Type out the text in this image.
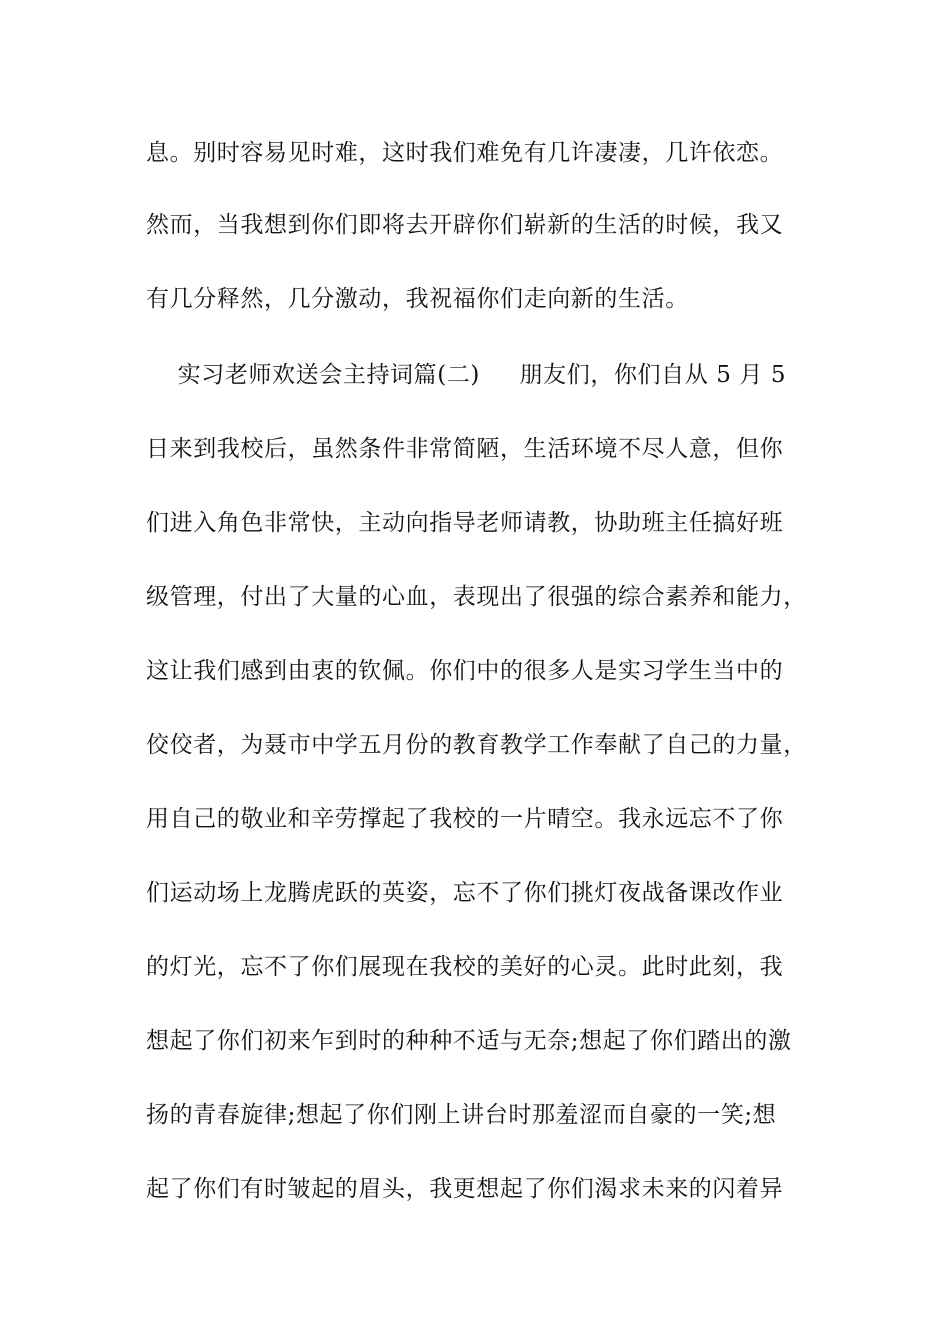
息。别时容易见时难，这时我们难免有几许凄凄，几许依恋。
然而，当我想到你们即将去开辟你们崭新的生活的时候，我又
有几分释然，几分激动，我祝福你们走向新的生活。
实习老师欢送会主持词篇(二)     朋友们，你们自从 5 月 5
日来到我校后，虽然条件非常简陋，生活环境不尽人意，但你
们进入角色非常快，主动向指导老师请教，协助班主任搞好班
级管理，付出了大量的心血，表现出了很强的综合素养和能力，
这让我们感到由衷的钦佩。你们中的很多人是实习学生当中的
佼佼者，为聂市中学五月份的教育教学工作奉献了自己的力量，
用自己的敬业和辛劳撑起了我校的一片晴空。我永远忘不了你
们运动场上龙腾虎跃的英姿，忘不了你们挑灯夜战备课改作业
的灯光，忘不了你们展现在我校的美好的心灵。此时此刻，我
想起了你们初来乍到时的种种不适与无奈;想起了你们踏出的激
扬的青春旋律;想起了你们刚上讲台时那羞涩而自豪的一笑;想
起了你们有时皱起的眉头，我更想起了你们渴求未来的闪着异
